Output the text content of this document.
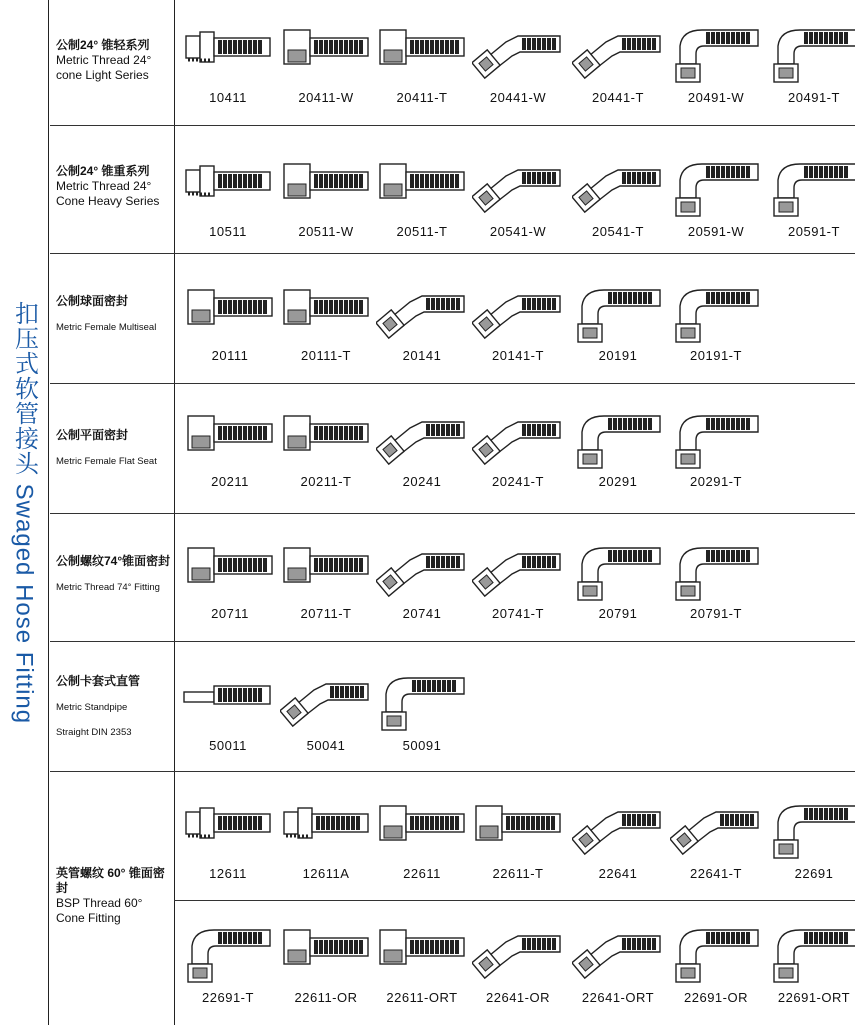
扣压式软管接头 Swaged Hose Fitting
公制24° 锥轻系列
Metric Thread 24°
cone Light Series
10411	20411-W	20411-T	20441-W	20441-T	20491-W	20491-T
公制24° 锥重系列
Metric Thread 24°
Cone Heavy Series
10511	20511-W	20511-T	20541-W	20541-T	20591-W	20591-T
公制球面密封
Metric Female Multiseal
20111	20111-T	20141	20141-T	20191	20191-T
公制平面密封
Metric Female Flat Seat
20211	20211-T	20241	20241-T	20291	20291-T
公制螺纹74°锥面密封
Metric Thread 74° Fitting
20711	20711-T	20741	20741-T	20791	20791-T
公制卡套式直管
Metric Standpipe
Straight DIN 2353
50011	50041	50091
英管螺纹 60° 锥面密封
BSP Thread 60°
Cone Fitting
12611	12611A	22611	22611-T	22641	22641-T	22691
22691-T	22611-OR	22611-ORT	22641-OR	22641-ORT	22691-OR	22691-ORT
